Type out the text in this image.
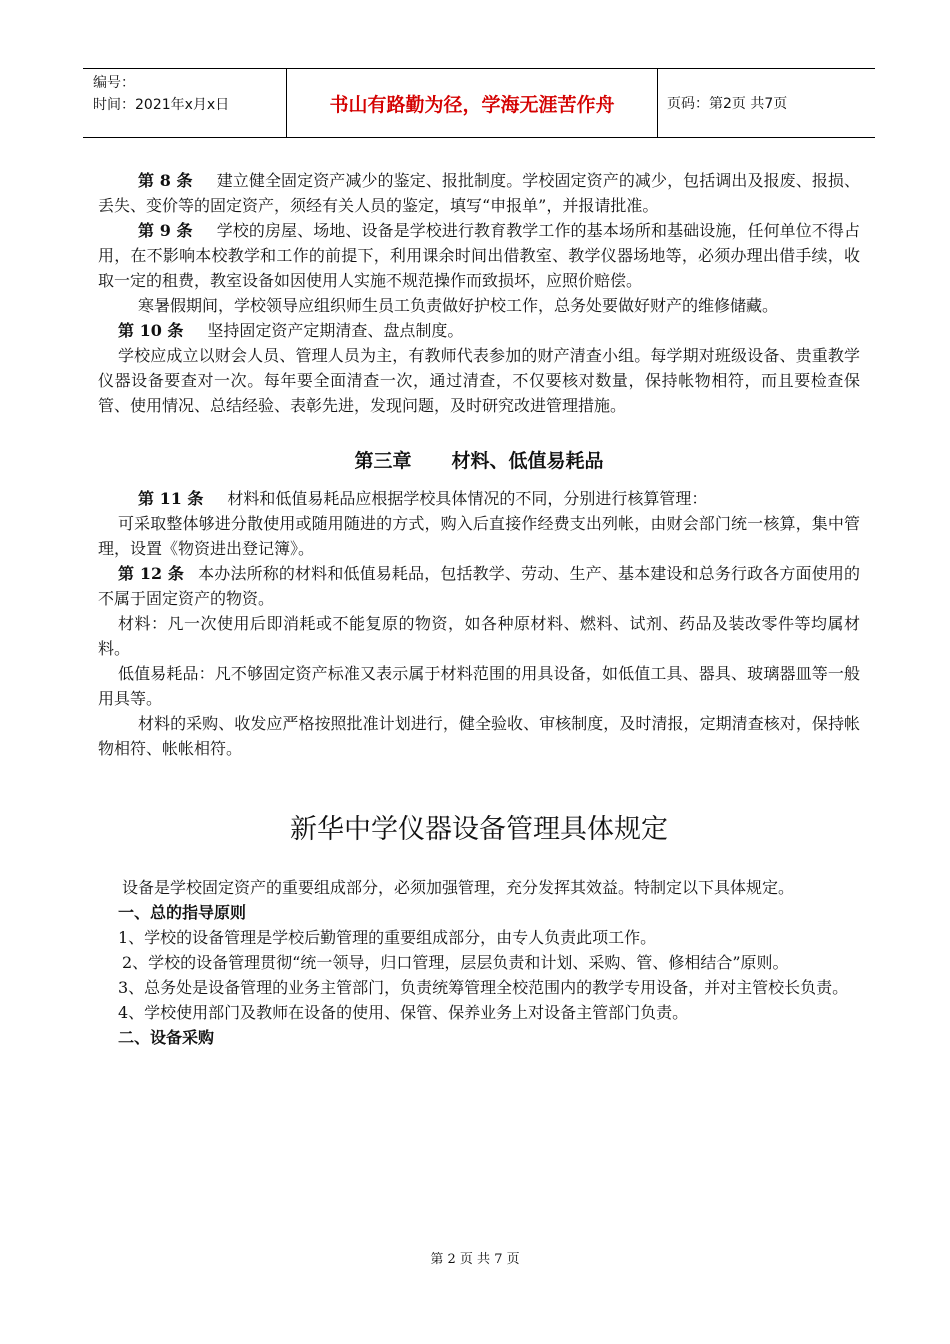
编号：
时间：2021年x月x日	书山有路勤为径，学海无涯苦作舟	页码：第2页 共7页

第 8 条 建立健全固定资产减少的鉴定、报批制度。学校固定资产的减少，包括调出及报废、报损、丢失、变价等的固定资产，须经有关人员的鉴定，填写“申报单”，并报请批准。

第 9 条 学校的房屋、场地、设备是学校进行教育教学工作的基本场所和基础设施，任何单位不得占用，在不影响本校教学和工作的前提下，利用课余时间出借教室、教学仪器场地等，必须办理出借手续，收取一定的租费，教室设备如因使用人实施不规范操作而致损坏，应照价赔偿。

寒暑假期间，学校领导应组织师生员工负责做好护校工作，总务处要做好财产的维修储藏。

第 10 条 坚持固定资产定期清查、盘点制度。

学校应成立以财会人员、管理人员为主，有教师代表参加的财产清查小组。每学期对班级设备、贵重教学仪器设备要查对一次。每年要全面清查一次，通过清查，不仅要核对数量，保持帐物相符，而且要检查保管、使用情况、总结经验、表彰先进，发现问题，及时研究改进管理措施。

第三章 材料、低值易耗品

第 11 条 材料和低值易耗品应根据学校具体情况的不同，分别进行核算管理：

可采取整体够进分散使用或随用随进的方式，购入后直接作经费支出列帐，由财会部门统一核算，集中管理，设置《物资进出登记簿》。

第 12 条 本办法所称的材料和低值易耗品，包括教学、劳动、生产、基本建设和总务行政各方面使用的不属于固定资产的物资。

材料：凡一次使用后即消耗或不能复原的物资，如各种原材料、燃料、试剂、药品及装改零件等均属材料。

低值易耗品：凡不够固定资产标准又表示属于材料范围的用具设备，如低值工具、器具、玻璃器皿等一般用具等。

材料的采购、收发应严格按照批准计划进行，健全验收、审核制度，及时清报，定期清查核对，保持帐物相符、帐帐相符。

新华中学仪器设备管理具体规定

设备是学校固定资产的重要组成部分，必须加强管理，充分发挥其效益。特制定以下具体规定。

一、总的指导原则

1、学校的设备管理是学校后勤管理的重要组成部分，由专人负责此项工作。

2、学校的设备管理贯彻“统一领导，归口管理，层层负责和计划、采购、管、修相结合”原则。

3、总务处是设备管理的业务主管部门，负责统筹管理全校范围内的教学专用设备，并对主管校长负责。

4、学校使用部门及教师在设备的使用、保管、保养业务上对设备主管部门负责。

二、设备采购

第 2 页 共 7 页
